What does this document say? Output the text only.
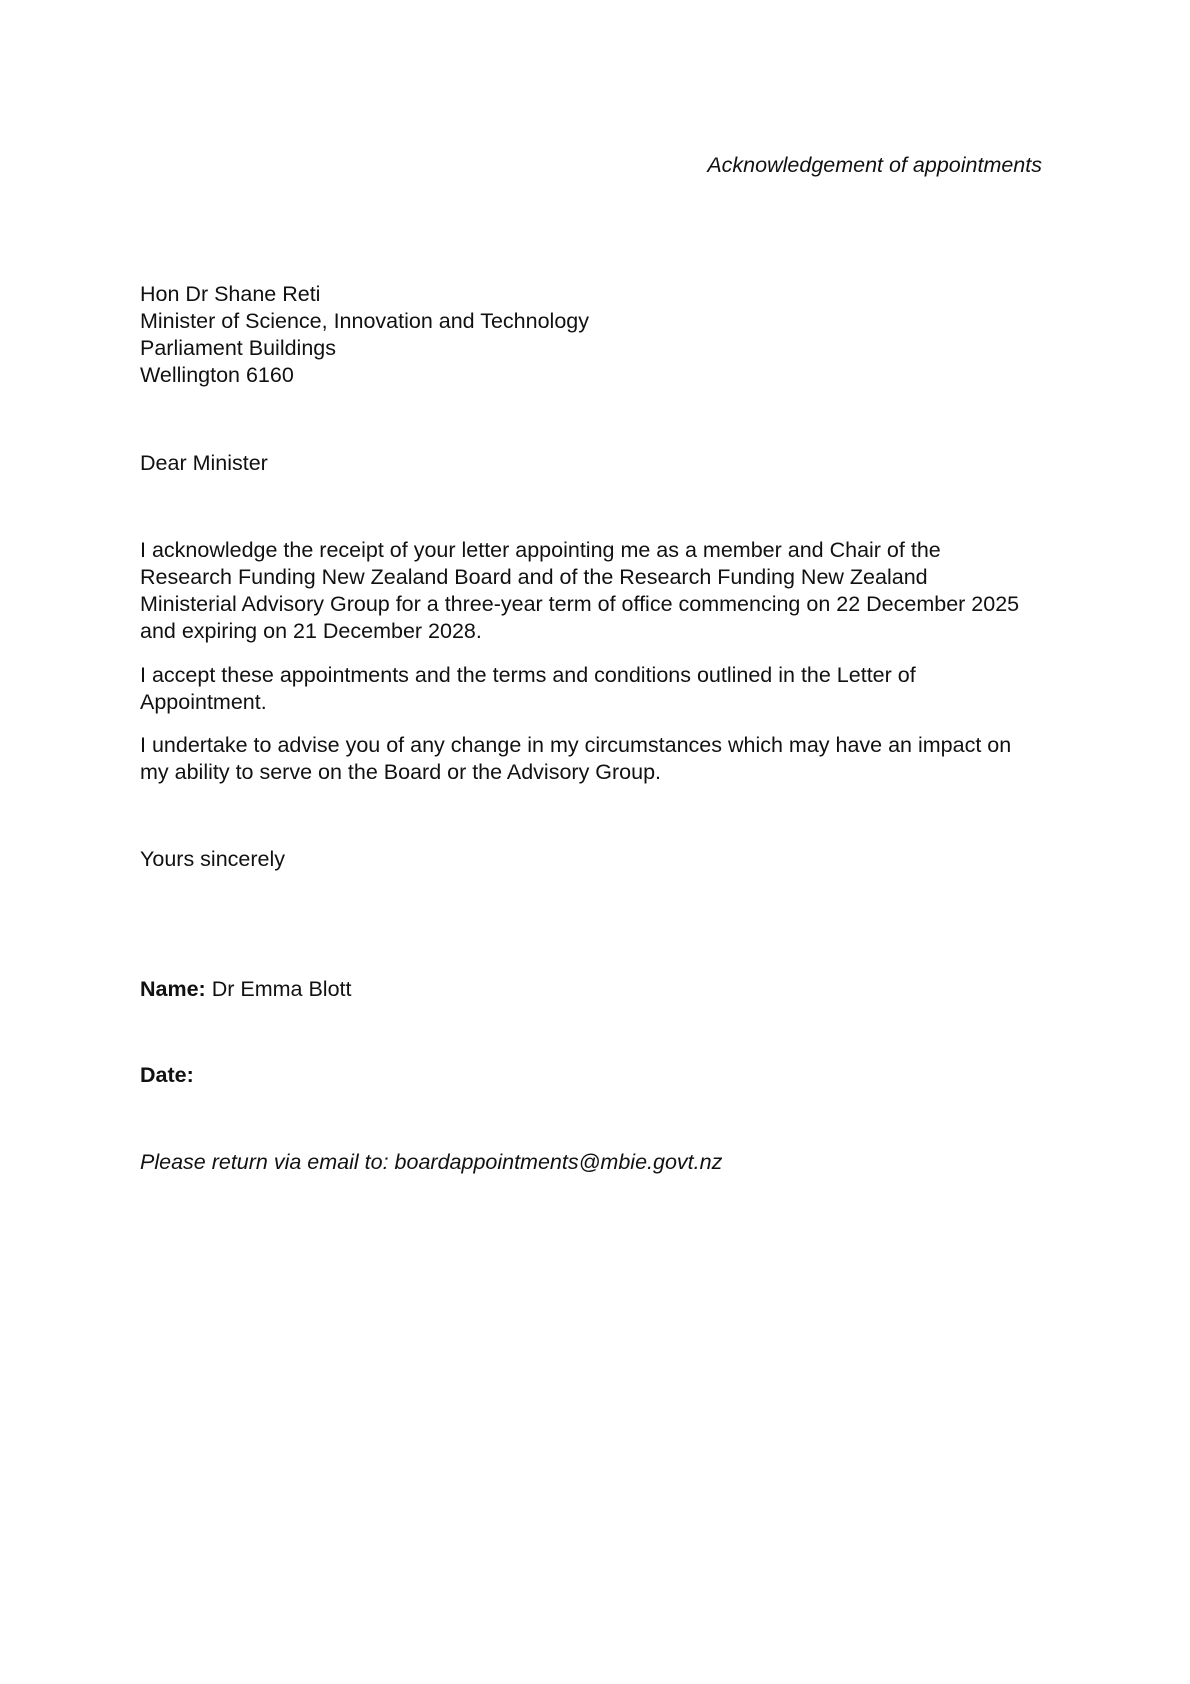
Acknowledgement of appointments
Hon Dr Shane Reti
Minister of Science, Innovation and Technology
Parliament Buildings
Wellington 6160
Dear Minister
I acknowledge the receipt of your letter appointing me as a member and Chair of the
Research Funding New Zealand Board and of the Research Funding New Zealand
Ministerial Advisory Group for a three-year term of office commencing on 22 December 2025
and expiring on 21 December 2028.
I accept these appointments and the terms and conditions outlined in the Letter of
Appointment.
I undertake to advise you of any change in my circumstances which may have an impact on
my ability to serve on the Board or the Advisory Group.
Yours sincerely
Name: Dr Emma Blott
Date:
Please return via email to: boardappointments@mbie.govt.nz
